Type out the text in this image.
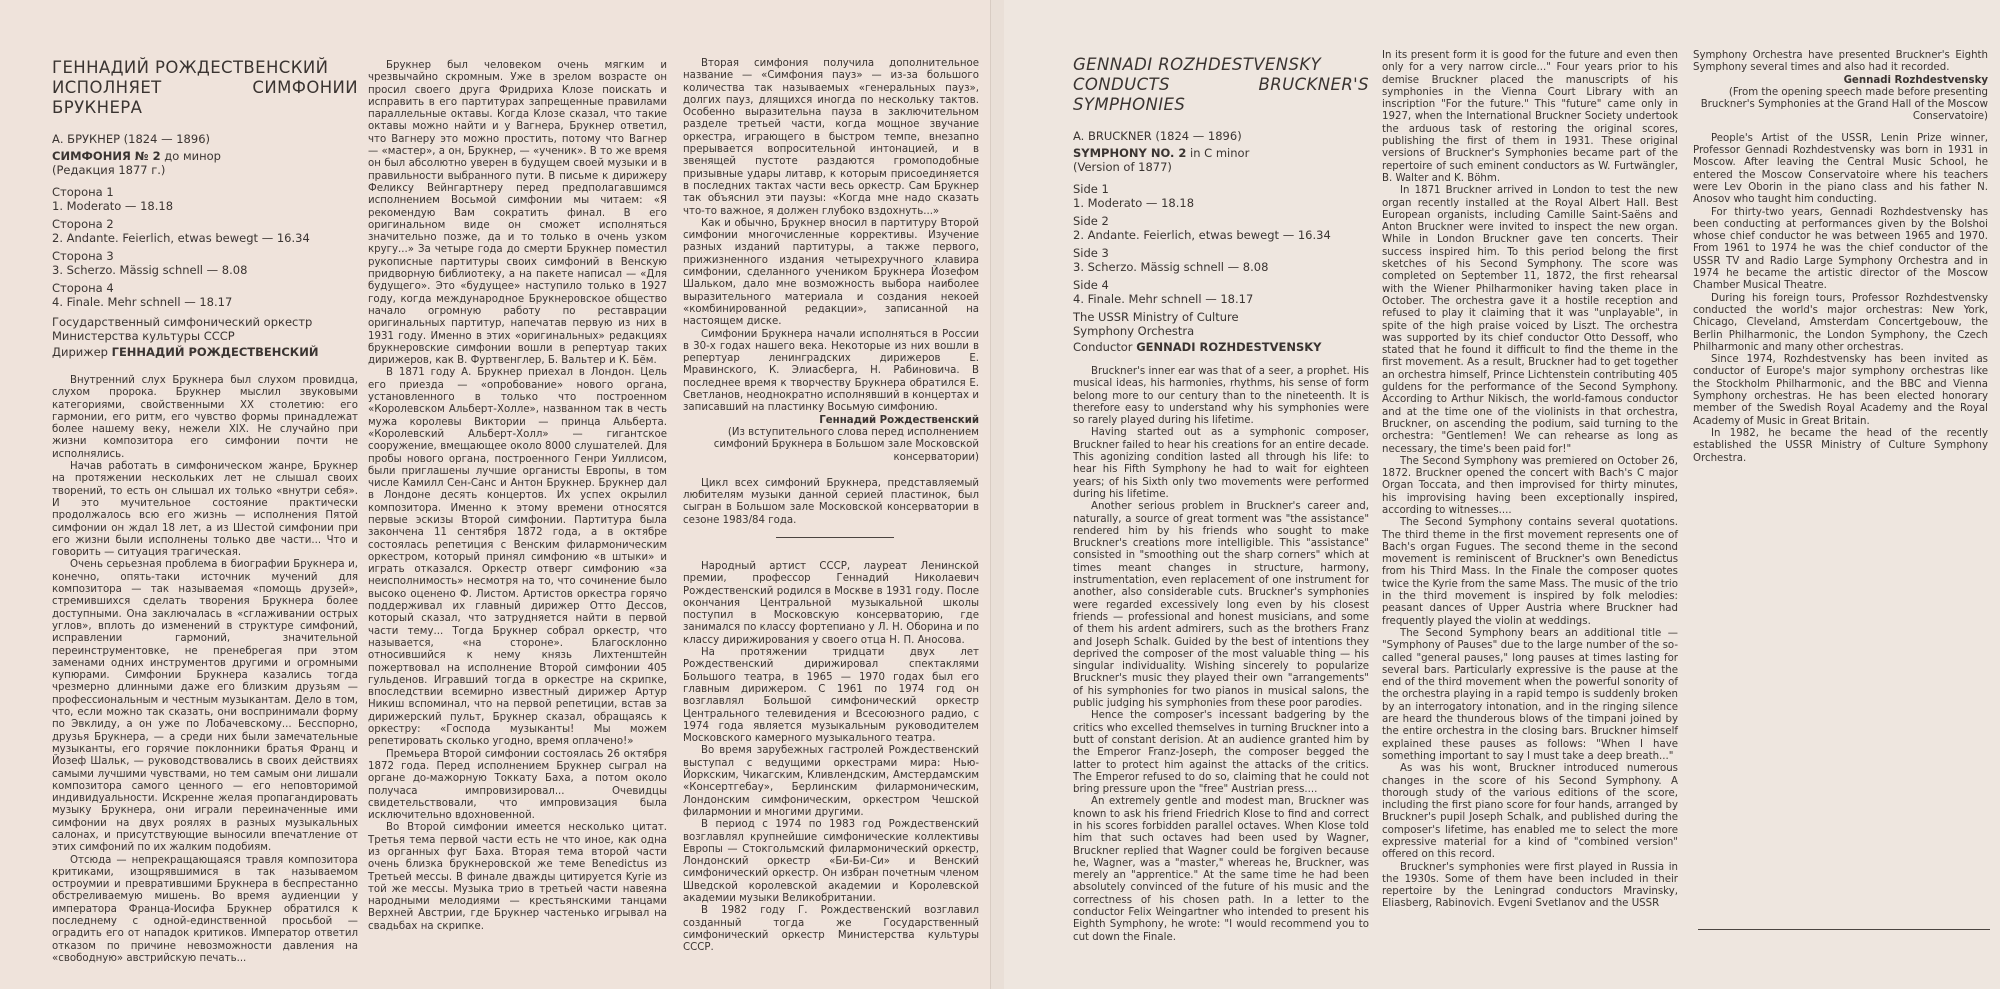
ГЕННАДИЙ РОЖДЕСТВЕНСКИЙ
ИСПОЛНЯЕТ СИМФОНИИ БРУКНЕРА
А. БРУКНЕР (1824 — 1896)
СИМФОНИЯ № 2 до минор
(Редакция 1877 г.)
Сторона 1
1. Moderato — 18.18
Сторона 2
2. Andante. Feierlich, etwas bewegt — 16.34
Сторона 3
3. Scherzo. Mässig schnell — 8.08
Сторона 4
4. Finale. Mehr schnell — 18.17
Государственный симфонический оркестр
Министерства культуры СССР
Дирижер ГЕННАДИЙ РОЖДЕСТВЕНСКИЙ

Внутренний слух Брукнера был слухом провидца, слухом пророка. Брукнер мыслил звуковыми категориями, свойственными XX столетию: его гармонии, его ритм, его чувство формы принадлежат более нашему веку, нежели XIX. Не случайно при жизни композитора его симфонии почти не исполнялись.

Начав работать в симфоническом жанре, Брукнер на протяжении нескольких лет не слышал своих творений, то есть он слышал их только «внутри себя». И это мучительное состояние практически продолжалось всю его жизнь — исполнения Пятой симфонии он ждал 18 лет, а из Шестой симфонии при его жизни были исполнены только две части... Что и говорить — ситуация трагическая.

Очень серьезная проблема в биографии Брукнера и, конечно, опять-таки источник мучений для композитора — так называемая «помощь друзей», стремившихся сделать творения Брукнера более доступными. Она заключалась в «сглаживании острых углов», вплоть до изменений в структуре симфоний, исправлении гармоний, значительной переинструментовке, не пренебрегая при этом заменами одних инструментов другими и огромными купюрами. Симфонии Брукнера казались тогда чрезмерно длинными даже его близким друзьям — профессиональным и честным музыкантам. Дело в том, что, если можно так сказать, они воспринимали форму по Эвклиду, а он уже по Лобачевскому... Бесспорно, друзья Брукнера, — а среди них были замечательные музыканты, его горячие поклонники братья Франц и Йозеф Шальк, — руководствовались в своих действиях самыми лучшими чувствами, но тем самым они лишали композитора самого ценного — его неповторимой индивидуальности. Искренне желая пропагандировать музыку Брукнера, они играли переиначенные ими симфонии на двух роялях в разных музыкальных салонах, и присутствующие выносили впечатление от этих симфоний по их жалким подобиям.

Отсюда — непрекращающаяся травля композитора критиками, изощрявшимися в так называемом остроумии и превратившими Брукнера в беспрестанно обстреливаемую мишень. Во время аудиенции у императора Франца-Иосифа Брукнер обратился к последнему с одной-единственной просьбой — оградить его от нападок критиков. Император ответил отказом по причине невозможности давления на «свободную» австрийскую печать...

Брукнер был человеком очень мягким и чрезвычайно скромным. Уже в зрелом возрасте он просил своего друга Фридриха Клозе поискать и исправить в его партитурах запрещенные правилами параллельные октавы. Когда Клозе сказал, что такие октавы можно найти и у Вагнера, Брукнер ответил, что Вагнеру это можно простить, потому что Вагнер — «мастер», а он, Брукнер, — «ученик». В то же время он был абсолютно уверен в будущем своей музыки и в правильности выбранного пути. В письме к дирижеру Феликсу Вейнгартнеру перед предполагавшимся исполнением Восьмой симфонии мы читаем: «Я рекомендую Вам сократить финал. В его оригинальном виде он сможет исполняться значительно позже, да и то только в очень узком кругу...» За четыре года до смерти Брукнер поместил рукописные партитуры своих симфоний в Венскую придворную библиотеку, а на пакете написал — «Для будущего». Это «будущее» наступило только в 1927 году, когда международное Брукнеровское общество начало огромную работу по реставрации оригинальных партитур, напечатав первую из них в 1931 году. Именно в этих «оригинальных» редакциях брукнеровские симфонии вошли в репертуар таких дирижеров, как В. Фуртвенглер, Б. Вальтер и К. Бём.

В 1871 году А. Брукнер приехал в Лондон. Цель его приезда — «опробование» нового органа, установленного в только что построенном «Королевском Альберт-Холле», названном так в честь мужа королевы Виктории — принца Альберта. «Королевский Альберт-Холл» — гигантское сооружение, вмещающее около 8000 слушателей. Для пробы нового органа, построенного Генри Уиллисом, были приглашены лучшие органисты Европы, в том числе Камилл Сен-Санс и Антон Брукнер. Брукнер дал в Лондоне десять концертов. Их успех окрылил композитора. Именно к этому времени относятся первые эскизы Второй симфонии. Партитура была закончена 11 сентября 1872 года, а в октябре состоялась репетиция с Венским филармоническим оркестром, который принял симфонию «в штыки» и играть отказался. Оркестр отверг симфонию «за неисполнимость» несмотря на то, что сочинение было высоко оценено Ф. Листом. Артистов оркестра горячо поддерживал их главный дирижер Отто Дессов, который сказал, что затрудняется найти в первой части тему... Тогда Брукнер собрал оркестр, что называется, «на стороне». Благосклонно относившийся к нему князь Лихтенштейн пожертвовал на исполнение Второй симфонии 405 гульденов. Игравший тогда в оркестре на скрипке, впоследствии всемирно известный дирижер Артур Никиш вспоминал, что на первой репетиции, встав за дирижерский пульт, Брукнер сказал, обращаясь к оркестру: «Господа музыканты! Мы можем репетировать сколько угодно, время оплачено!»

Премьера Второй симфонии состоялась 26 октября 1872 года. Перед исполнением Брукнер сыграл на органе до-мажорную Токкату Баха, а потом около получаса импровизировал... Очевидцы свидетельствовали, что импровизация была исключительно вдохновенной.

Во Второй симфонии имеется несколько цитат. Третья тема первой части есть не что иное, как одна из органных фуг Баха. Вторая тема второй части очень близка брукнеровской же теме Benedictus из Третьей мессы. В финале дважды цитируется Kyrie из той же мессы. Музыка трио в третьей части навеяна народными мелодиями — крестьянскими танцами Верхней Австрии, где Брукнер частенько игрывал на свадьбах на скрипке.

Вторая симфония получила дополнительное название — «Симфония пауз» — из-за большого количества так называемых «генеральных пауз», долгих пауз, длящихся иногда по нескольку тактов. Особенно выразительна пауза в заключительном разделе третьей части, когда мощное звучание оркестра, играющего в быстром темпе, внезапно прерывается вопросительной интонацией, и в звенящей пустоте раздаются громоподобные призывные удары литавр, к которым присоединяется в последних тактах части весь оркестр. Сам Брукнер так объяснил эти паузы: «Когда мне надо сказать что-то важное, я должен глубоко вздохнуть...»

Как и обычно, Брукнер вносил в партитуру Второй симфонии многочисленные коррективы. Изучение разных изданий партитуры, а также первого, прижизненного издания четырехручного клавира симфонии, сделанного учеником Брукнера Йозефом Шальком, дало мне возможность выбора наиболее выразительного материала и создания некоей «комбинированной редакции», записанной на настоящем диске.

Симфонии Брукнера начали исполняться в России в 30-х годах нашего века. Некоторые из них вошли в репертуар ленинградских дирижеров Е. Мравинского, К. Элиасберга, Н. Рабиновича. В последнее время к творчеству Брукнера обратился Е. Светланов, неоднократно исполнявший в концертах и записавший на пластинку Восьмую симфонию.

Геннадий Рождественский

(Из вступительного слова перед исполнением симфоний Брукнера в Большом зале Московской консерватории)

Цикл всех симфоний Брукнера, представляемый любителям музыки данной серией пластинок, был сыгран в Большом зале Московской консерватории в сезоне 1983/84 года.

Народный артист СССР, лауреат Ленинской премии, профессор Геннадий Николаевич Рождественский родился в Москве в 1931 году. После окончания Центральной музыкальной школы поступил в Московскую консерваторию, где занимался по классу фортепиано у Л. Н. Оборина и по классу дирижирования у своего отца Н. П. Аносова.

На протяжении тридцати двух лет Рождественский дирижировал спектаклями Большого театра, в 1965 — 1970 годах был его главным дирижером. С 1961 по 1974 год он возглавлял Большой симфонический оркестр Центрального телевидения и Всесоюзного радио, с 1974 года является музыкальным руководителем Московского камерного музыкального театра.

Во время зарубежных гастролей Рождественский выступал с ведущими оркестрами мира: Нью-Йоркским, Чикагским, Кливлендским, Амстердамским «Консертгебау», Берлинским филармоническим, Лондонским симфоническим, оркестром Чешской филармонии и многими другими.

В период с 1974 по 1983 год Рождественский возглавлял крупнейшие симфонические коллективы Европы — Стокгольмский филармонический оркестр, Лондонский оркестр «Би-Би-Си» и Венский симфонический оркестр. Он избран почетным членом Шведской королевской академии и Королевской академии музыки Великобритании.

В 1982 году Г. Рождественский возглавил созданный тогда же Государственный симфонический оркестр Министерства культуры СССР.

GENNADI ROZHDESTVENSKY
CONDUCTS BRUCKNER'S SYMPHONIES
A. BRUCKNER (1824 — 1896)
SYMPHONY NO. 2 in C minor
(Version of 1877)
Side 1
1. Moderato — 18.18
Side 2
2. Andante. Feierlich, etwas bewegt — 16.34
Side 3
3. Scherzo. Mässig schnell — 8.08
Side 4
4. Finale. Mehr schnell — 18.17
The USSR Ministry of Culture
Symphony Orchestra
Conductor GENNADI ROZHDESTVENSKY

Bruckner's inner ear was that of a seer, a prophet. His musical ideas, his harmonies, rhythms, his sense of form belong more to our century than to the nineteenth. It is therefore easy to understand why his symphonies were so rarely played during his lifetime.

Having started out as a symphonic composer, Bruckner failed to hear his creations for an entire decade. This agonizing condition lasted all through his life: to hear his Fifth Symphony he had to wait for eighteen years; of his Sixth only two movements were performed during his lifetime.

Another serious problem in Bruckner's career and, naturally, a source of great torment was "the assistance" rendered him by his friends who sought to make Bruckner's creations more intelligible. This "assistance" consisted in "smoothing out the sharp corners" which at times meant changes in structure, harmony, instrumentation, even replacement of one instrument for another, also considerable cuts. Bruckner's symphonies were regarded excessively long even by his closest friends — professional and honest musicians, and some of them his ardent admirers, such as the brothers Franz and Joseph Schalk. Guided by the best of intentions they deprived the composer of the most valuable thing — his singular individuality. Wishing sincerely to popularize Bruckner's music they played their own "arrangements" of his symphonies for two pianos in musical salons, the public judging his symphonies from these poor parodies.

Hence the composer's incessant badgering by the critics who excelled themselves in turning Bruckner into a butt of constant derision. At an audience granted him by the Emperor Franz-Joseph, the composer begged the latter to protect him against the attacks of the critics. The Emperor refused to do so, claiming that he could not bring pressure upon the "free" Austrian press....

An extremely gentle and modest man, Bruckner was known to ask his friend Friedrich Klose to find and correct in his scores forbidden parallel octaves. When Klose told him that such octaves had been used by Wagner, Bruckner replied that Wagner could be forgiven because he, Wagner, was a "master," whereas he, Bruckner, was merely an "apprentice." At the same time he had been absolutely convinced of the future of his music and the correctness of his chosen path. In a letter to the conductor Felix Weingartner who intended to present his Eighth Symphony, he wrote: "I would recommend you to cut down the Finale.

In its present form it is good for the future and even then only for a very narrow circle..." Four years prior to his demise Bruckner placed the manuscripts of his symphonies in the Vienna Court Library with an inscription "For the future." This "future" came only in 1927, when the International Bruckner Society undertook the arduous task of restoring the original scores, publishing the first of them in 1931. These original versions of Bruckner's Symphonies became part of the repertoire of such eminent conductors as W. Furtwängler, B. Walter and K. Böhm.

In 1871 Bruckner arrived in London to test the new organ recently installed at the Royal Albert Hall. Best European organists, including Camille Saint-Saëns and Anton Bruckner were invited to inspect the new organ. While in London Bruckner gave ten concerts. Their success inspired him. To this period belong the first sketches of his Second Symphony. The score was completed on September 11, 1872, the first rehearsal with the Wiener Philharmoniker having taken place in October. The orchestra gave it a hostile reception and refused to play it claiming that it was "unplayable", in spite of the high praise voiced by Liszt. The orchestra was supported by its chief conductor Otto Dessoff, who stated that he found it difficult to find the theme in the first movement. As a result, Bruckner had to get together an orchestra himself, Prince Lichtenstein contributing 405 guldens for the performance of the Second Symphony. According to Arthur Nikisch, the world-famous conductor and at the time one of the violinists in that orchestra, Bruckner, on ascending the podium, said turning to the orchestra: "Gentlemen! We can rehearse as long as necessary, the time's been paid for!"

The Second Symphony was premiered on October 26, 1872. Bruckner opened the concert with Bach's C major Organ Toccata, and then improvised for thirty minutes, his improvising having been exceptionally inspired, according to witnesses....

The Second Symphony contains several quotations. The third theme in the first movement represents one of Bach's organ Fugues. The second theme in the second movement is reminiscent of Bruckner's own Benedictus from his Third Mass. In the Finale the composer quotes twice the Kyrie from the same Mass. The music of the trio in the third movement is inspired by folk melodies: peasant dances of Upper Austria where Bruckner had frequently played the violin at weddings.

The Second Symphony bears an additional title — "Symphony of Pauses" due to the large number of the so-called "general pauses," long pauses at times lasting for several bars. Particularly expressive is the pause at the end of the third movement when the powerful sonority of the orchestra playing in a rapid tempo is suddenly broken by an interrogatory intonation, and in the ringing silence are heard the thunderous blows of the timpani joined by the entire orchestra in the closing bars. Bruckner himself explained these pauses as follows: "When I have something important to say I must take a deep breath..."

As was his wont, Bruckner introduced numerous changes in the score of his Second Symphony. A thorough study of the various editions of the score, including the first piano score for four hands, arranged by Bruckner's pupil Joseph Schalk, and published during the composer's lifetime, has enabled me to select the more expressive material for a kind of "combined version" offered on this record.

Bruckner's symphonies were first played in Russia in the 1930s. Some of them have been included in their repertoire by the Leningrad conductors Mravinsky, Eliasberg, Rabinovich. Evgeni Svetlanov and the USSR

Symphony Orchestra have presented Bruckner's Eighth Symphony several times and also had it recorded.

Gennadi Rozhdestvensky

(From the opening speech made before presenting Bruckner's Symphonies at the Grand Hall of the Moscow Conservatoire)

People's Artist of the USSR, Lenin Prize winner, Professor Gennadi Rozhdestvensky was born in 1931 in Moscow. After leaving the Central Music School, he entered the Moscow Conservatoire where his teachers were Lev Oborin in the piano class and his father N. Anosov who taught him conducting.

For thirty-two years, Gennadi Rozhdestvensky has been conducting at performances given by the Bolshoi whose chief conductor he was between 1965 and 1970. From 1961 to 1974 he was the chief conductor of the USSR TV and Radio Large Symphony Orchestra and in 1974 he became the artistic director of the Moscow Chamber Musical Theatre.

During his foreign tours, Professor Rozhdestvensky conducted the world's major orchestras: New York, Chicago, Cleveland, Amsterdam Concertgebouw, the Berlin Philharmonic, the London Symphony, the Czech Philharmonic and many other orchestras.

Since 1974, Rozhdestvensky has been invited as conductor of Europe's major symphony orchestras like the Stockholm Philharmonic, and the BBC and Vienna Symphony orchestras. He has been elected honorary member of the Swedish Royal Academy and the Royal Academy of Music in Great Britain.

In 1982, he became the head of the recently established the USSR Ministry of Culture Symphony Orchestra.
